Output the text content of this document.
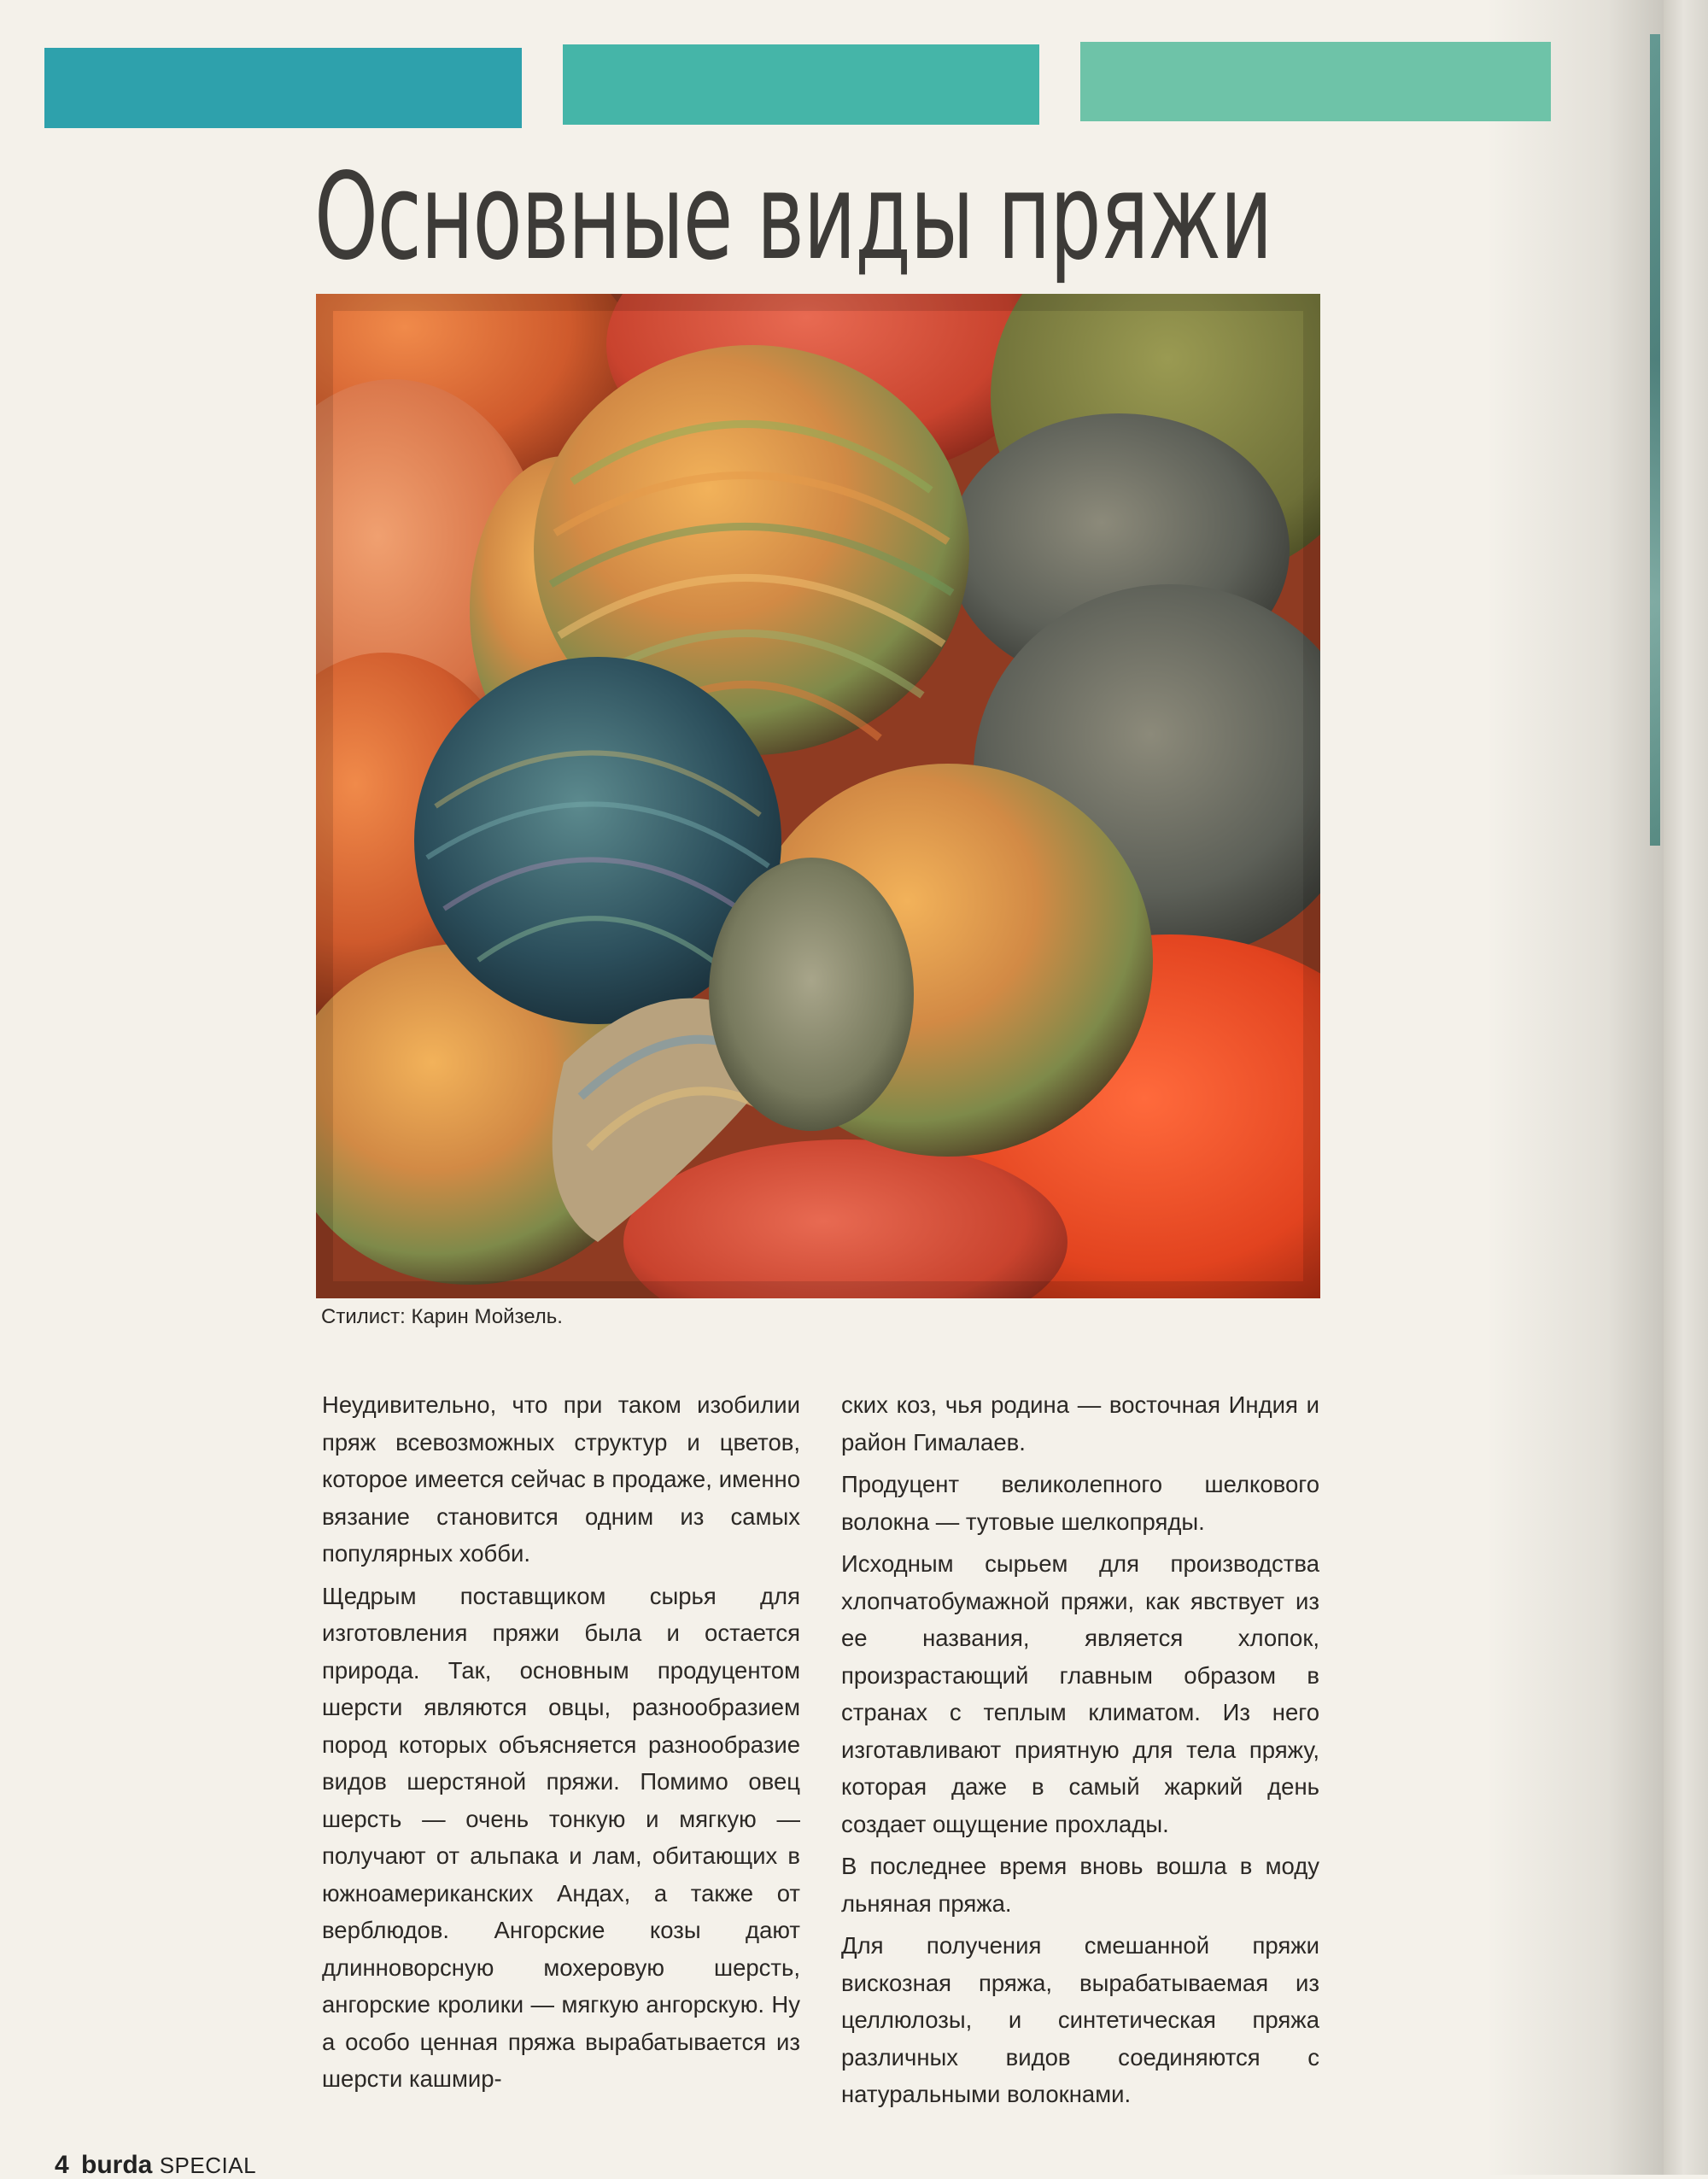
Основные виды пряжи
Стилист: Карин Мойзель.

Неудивительно, что при таком изобилии пряж всевозможных структур и цветов, которое имеется сейчас в продаже, именно вязание становится одним из самых популярных хобби.

Щедрым поставщиком сырья для изготовления пряжи была и остается природа. Так, основным продуцентом шерсти являются овцы, разнообразием пород которых объясняется разнообразие видов шерстяной пряжи. Помимо овец шерсть — очень тонкую и мягкую — получают от альпака и лам, обитающих в южноамериканских Андах, а также от верблюдов. Ангорские козы дают длинноворсную мохеровую шерсть, ангорские кролики — мягкую ангорскую. Ну а особо ценная пряжа вырабатывается из шерсти кашмир-

ских коз, чья родина — восточная Индия и район Гималаев.

Продуцент великолепного шелкового волокна — тутовые шелкопряды.

Исходным сырьем для производства хлопчатобумажной пряжи, как явствует из ее названия, является хлопок, произрастающий главным образом в странах с теплым климатом. Из него изготавливают приятную для тела пряжу, которая даже в самый жаркий день создает ощущение прохлады.

В последнее время вновь вошла в моду льняная пряжа.

Для получения смешанной пряжи вискозная пряжа, вырабатываемая из целлюлозы, и синтетическая пряжа различных видов соединяются с натуральными волокнами.

4 burda SPECIAL
